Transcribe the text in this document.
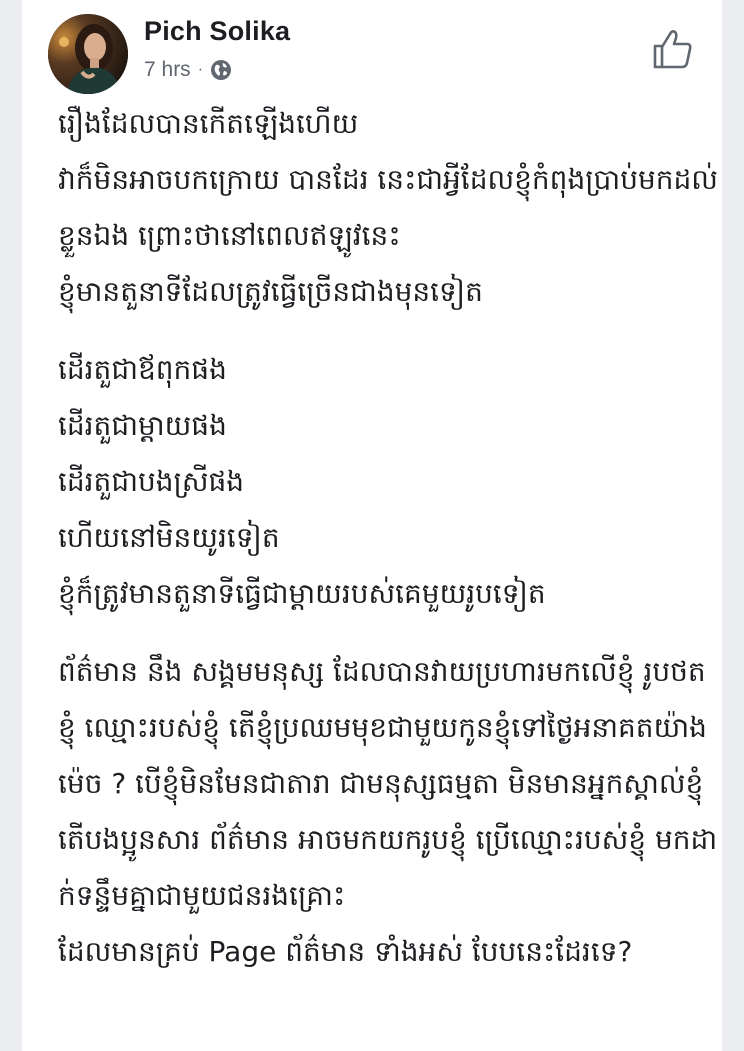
Pich Solika
7 hrs ·
រឿងដែលបានកើតឡើងហើយ
វាក៏មិនអាចបកក្រោយ បានដែរ នេះជាអ្វីដែលខ្ញុំកំពុងប្រាប់មកដល់
ខ្លួនឯង ព្រោះថានៅពេលឥឡូវនេះ
ខ្ញុំមានតួនាទីដែលត្រូវធ្វើច្រើនជាងមុនទៀត
ដើរតួជាឪពុកផង
ដើរតួជាម្ដាយផង
ដើរតួជាបងស្រីផង
ហើយនៅមិនយូរទៀត
ខ្ញុំក៏ត្រូវមានតួនាទីធ្វើជាម្ដាយរបស់គេមួយរូបទៀត
ព័ត៌មាន នឹង សង្គមមនុស្ស ដែលបានវាយប្រហារមកលើខ្ញុំ រូបថត
ខ្ញុំ ឈ្មោះរបស់ខ្ញុំ តើខ្ញុំប្រឈមមុខជាមួយកូនខ្ញុំទៅថ្ងៃអនាគតយ៉ាង
ម៉េច ? បើខ្ញុំមិនមែនជាតារា ជាមនុស្សធម្មតា មិនមានអ្នកស្គាល់ខ្ញុំ
តើបងប្អូនសារ ព័ត៌មាន អាចមកយករូបខ្ញុំ ប្រើឈ្មោះរបស់ខ្ញុំ មកដា
ក់ទន្ទឹមគ្នាជាមួយជនរងគ្រោះ
ដែលមានគ្រប់ Page ព័ត៌មាន ទាំងអស់ បែបនេះដែរទេ?
